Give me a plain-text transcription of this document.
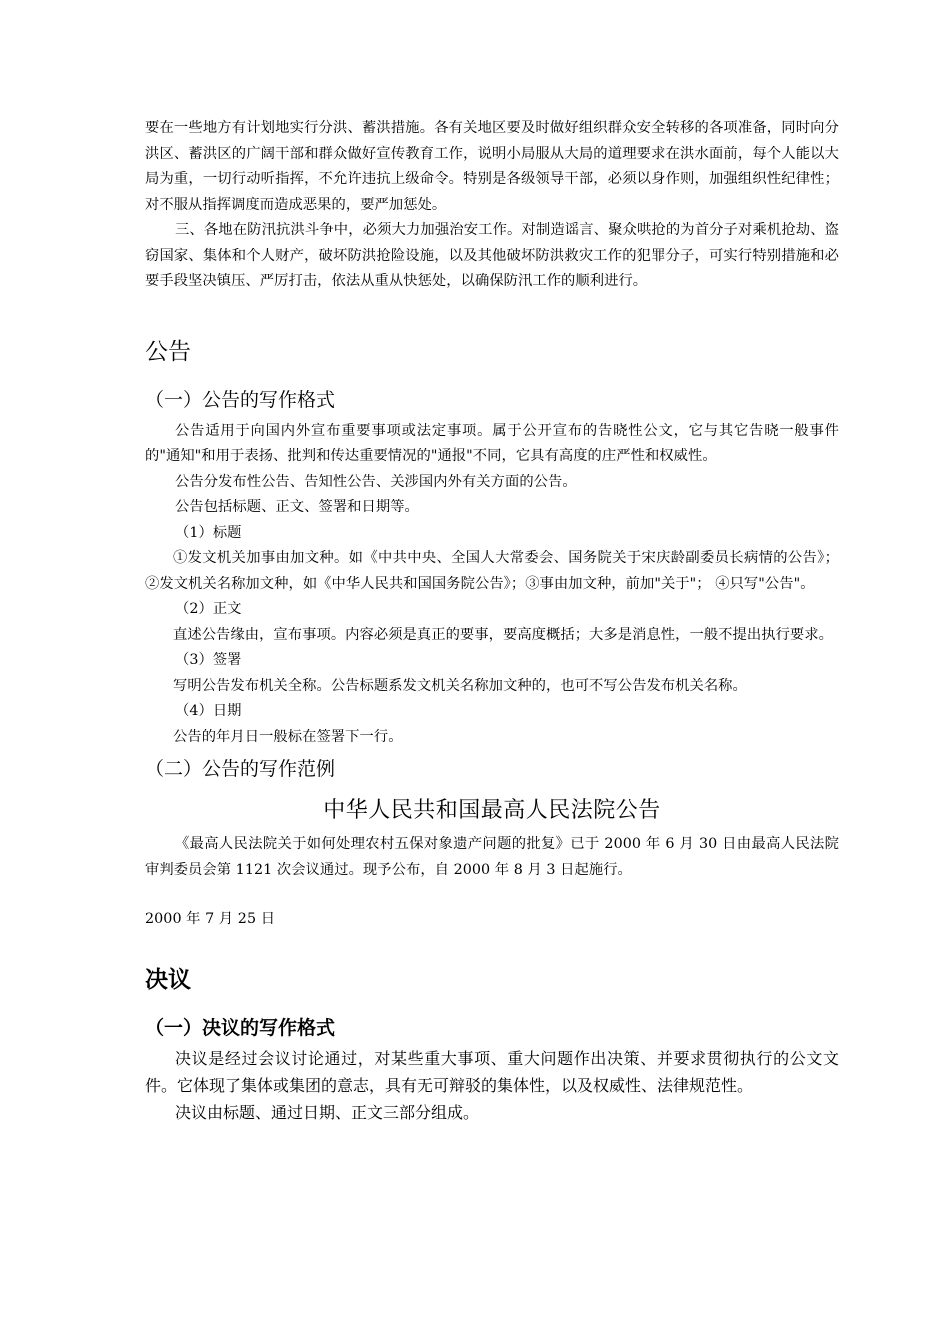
要在一些地方有计划地实行分洪、蓄洪措施。各有关地区要及时做好组织群众安全转移的各项准备，同时向分洪区、蓄洪区的广阔干部和群众做好宣传教育工作，说明小局服从大局的道理要求在洪水面前，每个人能以大局为重，一切行动听指挥，不允许违抗上级命令。特别是各级领导干部，必须以身作则，加强组织性纪律性；对不服从指挥调度而造成恶果的，要严加惩处。

三、各地在防汛抗洪斗争中，必须大力加强治安工作。对制造谣言、聚众哄抢的为首分子对乘机抢劫、盗窃国家、集体和个人财产，破坏防洪抢险设施，以及其他破坏防洪救灾工作的犯罪分子，可实行特别措施和必要手段坚决镇压、严厉打击，依法从重从快惩处，以确保防汛工作的顺利进行。

公告

（一）公告的写作格式

公告适用于向国内外宣布重要事项或法定事项。属于公开宣布的告晓性公文，它与其它告晓一般事件的"通知"和用于表扬、批判和传达重要情况的"通报"不同，它具有高度的庄严性和权威性。

公告分发布性公告、告知性公告、关涉国内外有关方面的公告。

公告包括标题、正文、签署和日期等。

（1）标题

①发文机关加事由加文种。如《中共中央、全国人大常委会、国务院关于宋庆龄副委员长病情的公告》；②发文机关名称加文种，如《中华人民共和国国务院公告》；③事由加文种，前加"关于"； ④只写"公告"。

（2）正文

直述公告缘由，宣布事项。内容必须是真正的要事，要高度概括；大多是消息性，一般不提出执行要求。

（3）签署

写明公告发布机关全称。公告标题系发文机关名称加文种的，也可不写公告发布机关名称。

（4）日期

公告的年月日一般标在签署下一行。

（二）公告的写作范例

中华人民共和国最高人民法院公告

《最高人民法院关于如何处理农村五保对象遗产问题的批复》已于 2000 年 6 月 30 日由最高人民法院审判委员会第 1121 次会议通过。现予公布，自 2000 年 8 月 3 日起施行。

2000 年 7 月 25 日

决议

（一）决议的写作格式

决议是经过会议讨论通过，对某些重大事项、重大问题作出决策、并要求贯彻执行的公文文件。它体现了集体或集团的意志，具有无可辩驳的集体性，以及权威性、法律规范性。

决议由标题、通过日期、正文三部分组成。
